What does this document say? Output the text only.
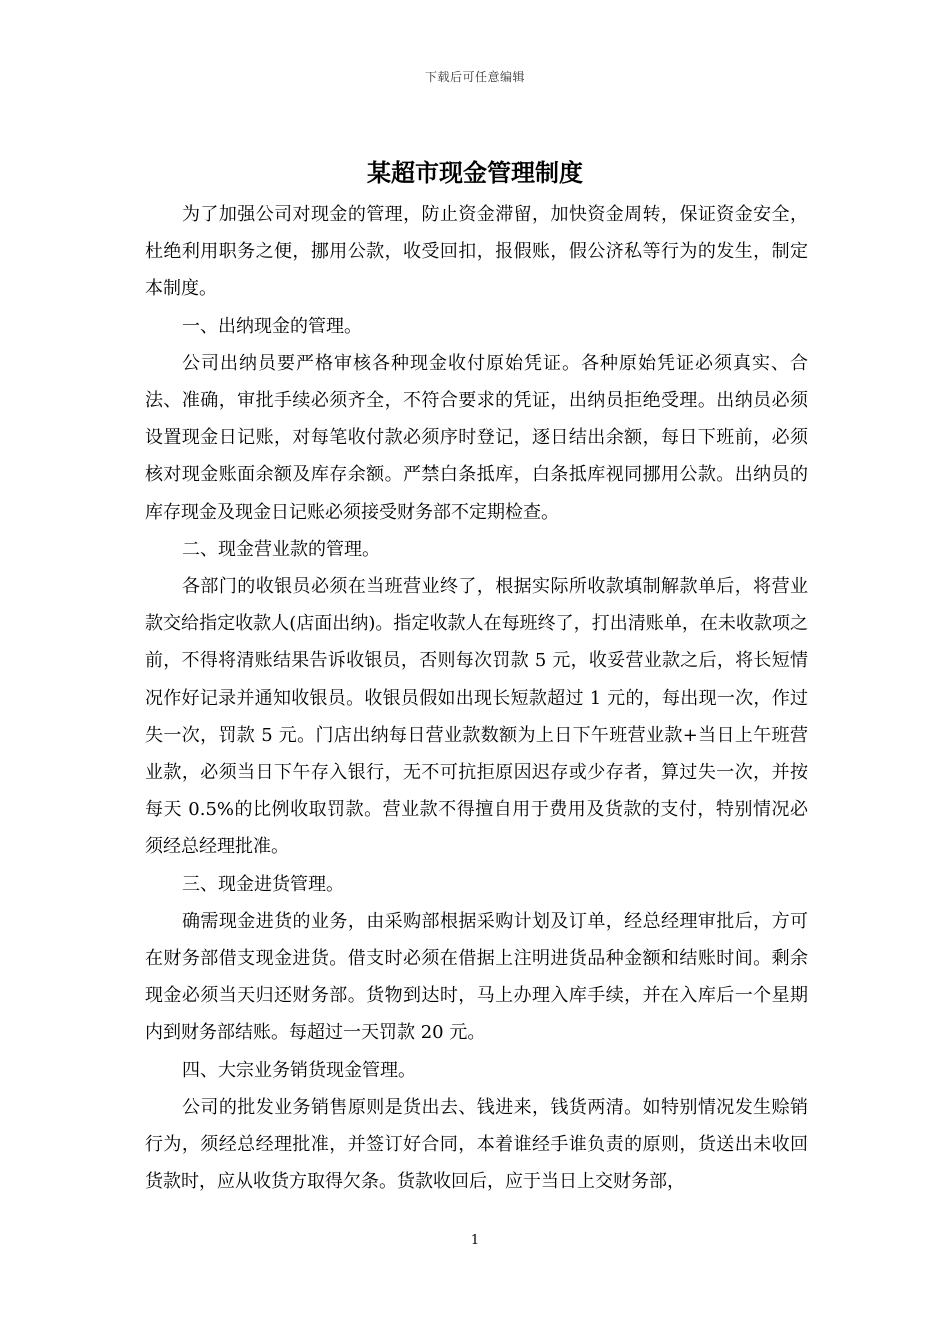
下载后可任意编辑
某超市现金管理制度

为了加强公司对现金的管理，防止资金滞留，加快资金周转，保证资金安全，杜绝利用职务之便，挪用公款，收受回扣，报假账，假公济私等行为的发生，制定本制度。

一、出纳现金的管理。

公司出纳员要严格审核各种现金收付原始凭证。各种原始凭证必须真实、合法、准确，审批手续必须齐全，不符合要求的凭证，出纳员拒绝受理。出纳员必须设置现金日记账，对每笔收付款必须序时登记，逐日结出余额，每日下班前，必须核对现金账面余额及库存余额。严禁白条抵库，白条抵库视同挪用公款。出纳员的库存现金及现金日记账必须接受财务部不定期检查。

二、现金营业款的管理。

各部门的收银员必须在当班营业终了，根据实际所收款填制解款单后，将营业款交给指定收款人(店面出纳)。指定收款人在每班终了，打出清账单，在未收款项之前，不得将清账结果告诉收银员，否则每次罚款 5 元，收妥营业款之后，将长短情况作好记录并通知收银员。收银员假如出现长短款超过 1 元的，每出现一次，作过失一次，罚款 5 元。门店出纳每日营业款数额为上日下午班营业款+当日上午班营业款，必须当日下午存入银行，无不可抗拒原因迟存或少存者，算过失一次，并按每天 0.5%的比例收取罚款。营业款不得擅自用于费用及货款的支付，特别情况必须经总经理批准。

三、现金进货管理。

确需现金进货的业务，由采购部根据采购计划及订单，经总经理审批后，方可在财务部借支现金进货。借支时必须在借据上注明进货品种金额和结账时间。剩余现金必须当天归还财务部。货物到达时，马上办理入库手续，并在入库后一个星期内到财务部结账。每超过一天罚款 20 元。

四、大宗业务销货现金管理。

公司的批发业务销售原则是货出去、钱进来，钱货两清。如特别情况发生赊销行为，须经总经理批准，并签订好合同，本着谁经手谁负责的原则，货送出未收回货款时，应从收货方取得欠条。货款收回后，应于当日上交财务部，

1
